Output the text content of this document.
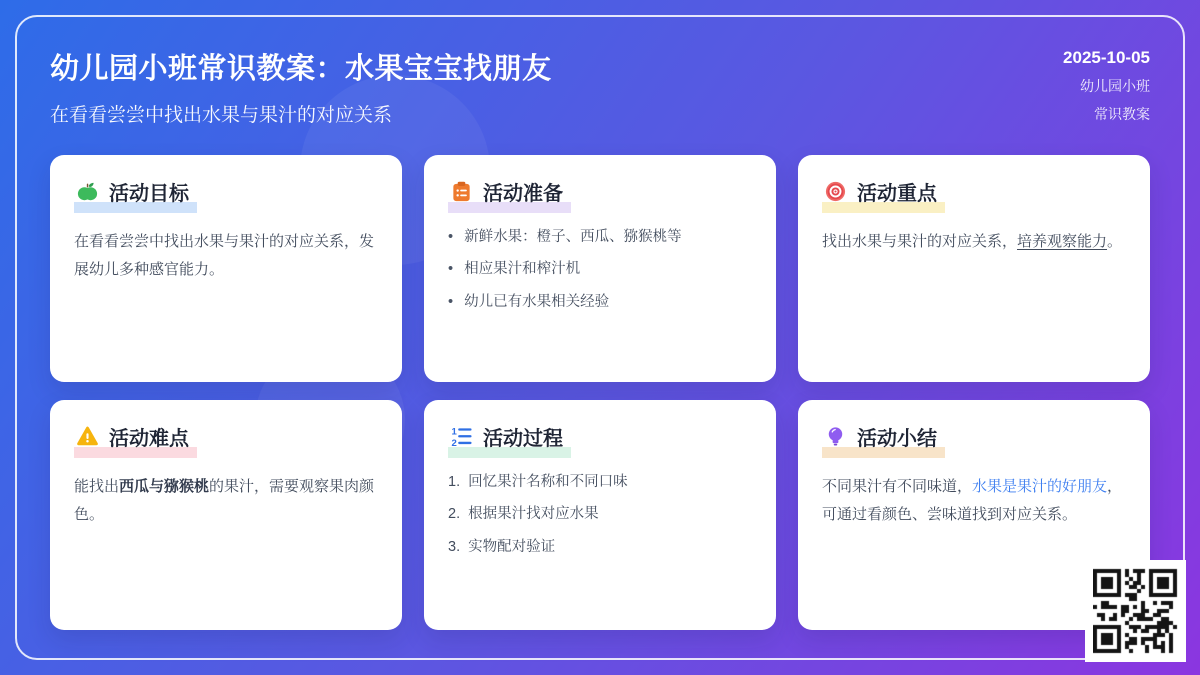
幼儿园小班常识教案：水果宝宝找朋友
在看看尝尝中找出水果与果汁的对应关系
2025-10-05
幼儿园小班
常识教案
活动目标
在看看尝尝中找出水果与果汁的对应关系，发展幼儿多种感官能力。
活动准备
• 新鲜水果：橙子、西瓜、猕猴桃等
• 相应果汁和榨汁机
• 幼儿已有水果相关经验
活动重点
找出水果与果汁的对应关系，培养观察能力。
活动难点
能找出西瓜与猕猴桃的果汁，需要观察果肉颜色。
1
2 活动过程
回忆果汁名称和不同口味
根据果汁找对应水果
实物配对验证
活动小结
不同果汁有不同味道，水果是果汁的好朋友，可通过看颜色、尝味道找到对应关系。
